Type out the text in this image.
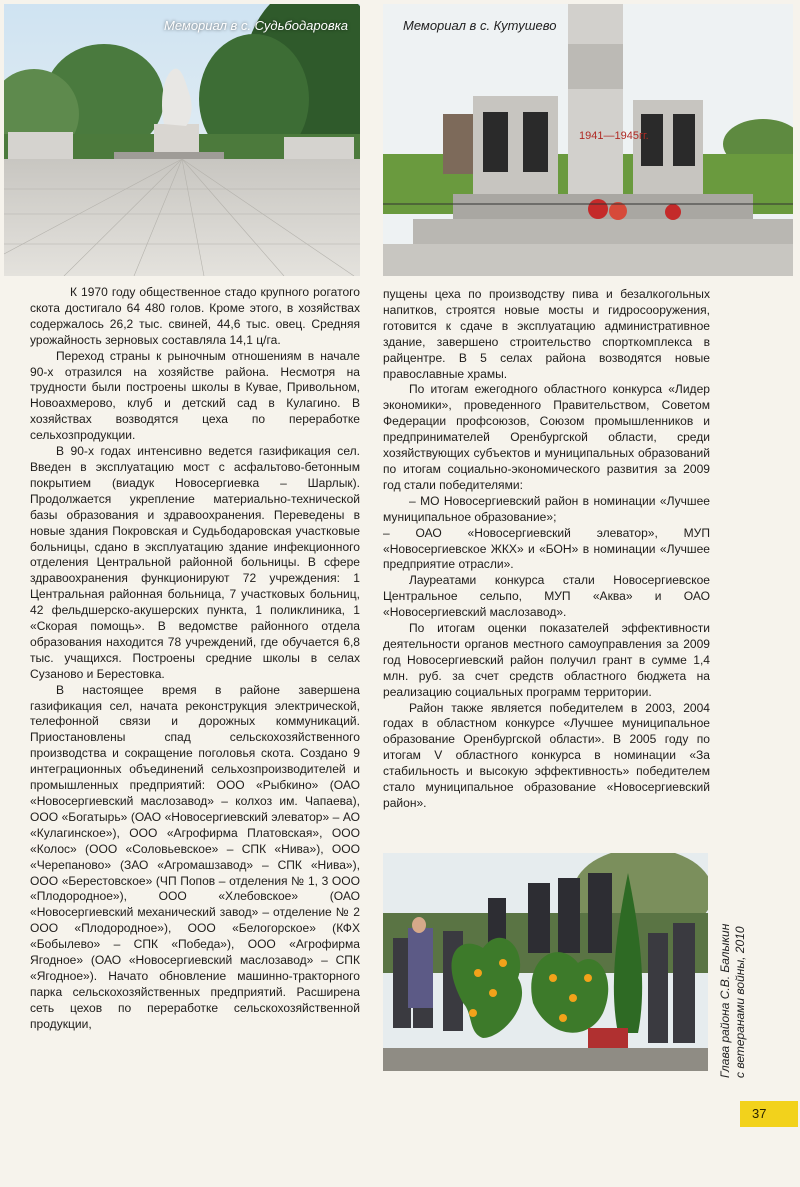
Мемориал в с. Судьбодаровка
1941—1945гг.
Мемориал в с. Кутушево

К 1970 году общественное стадо крупного рогатого скота достигало 64 480 голов. Кроме этого, в хозяйствах содержалось 26,2 тыс. свиней, 44,6 тыс. овец. Средняя урожайность зерновых составляла 14,1 ц/га.

Переход страны к рыночным отношениям в начале 90-х отразился на хозяйстве района. Несмотря на трудности были построены школы в Кувае, Привольном, Новоахмерово, клуб и детский сад в Кулагино. В хозяйствах возводятся цеха по переработке сельхозпродукции.

В 90-х годах интенсивно ведется газификация сел. Введен в эксплуатацию мост с асфальтово-бетонным покрытием (виадук Новосергиевка – Шарлык). Продолжается укрепление материально-технической базы образования и здравоохранения. Переведены в новые здания Покровская и Судьбодаровская участковые больницы, сдано в эксплуатацию здание инфекционного отделения Центральной районной больницы. В сфере здравоохранения функционируют 72 учреждения: 1 Центральная районная больница, 7 участковых больниц, 42 фельдшерско-акушерских пункта, 1 поликлиника, 1 «Скорая помощь». В ведомстве районного отдела образования находится 78 учреждений, где обучается 6,8 тыс. учащихся. Построены средние школы в селах Сузаново и Берестовка.

В настоящее время в районе завершена газификация сел, начата реконструкция электрической, телефонной связи и дорожных коммуникаций. Приостановлены спад сельскохозяйственного производства и сокращение поголовья скота. Создано 9 интеграционных объединений сельхозпроизводителей и промышленных предприятий: ООО «Рыбкино» (ОАО «Новосергиевский маслозавод» – колхоз им. Чапаева), ООО «Богатырь» (ОАО «Новосергиевский элеватор» – АО «Кулагинское»), ООО «Агрофирма Платовская», ООО «Колос» (ООО «Соловьевское» – СПК «Нива»), ООО «Черепаново» (ЗАО «Агромашзавод» – СПК «Нива»), ООО «Берестовское» (ЧП Попов – отделения № 1, 3 ООО «Плодородное»), ООО «Хлебовское» (ОАО «Новосергиевский механический завод» – отделение № 2 ООО «Плодородное»), ООО «Белогорское» (КФХ «Бобылево» – СПК «Победа»), ООО «Агрофирма Ягодное» (ОАО «Новосергиевский маслозавод» – СПК «Ягодное»). Начато обновление машинно-тракторного парка сельскохозяйственных предприятий. Расширена сеть цехов по переработке сельскохозяйственной продукции,

пущены цеха по производству пива и безалкогольных напитков, строятся новые мосты и гидросооружения, готовится к сдаче в эксплуатацию административное здание, завершено строительство спорткомплекса в райцентре. В 5 селах района возводятся новые православные храмы.

По итогам ежегодного областного конкурса «Лидер экономики», проведенного Правительством, Советом Федерации профсоюзов, Союзом промышленников и предпринимателей Оренбургской области, среди хозяйствующих субъектов и муниципальных образований по итогам социально-экономического развития за 2009 год стали победителями:

– МО Новосергиевский район в номинации «Лучшее муниципальное образование»;

– ОАО «Новосергиевский элеватор», МУП «Новосергиевское ЖКХ» и «БОН» в номинации «Лучшее предприятие отрасли».

Лауреатами конкурса стали Новосергиевское Центральное сельпо, МУП «Аква» и ОАО «Новосергиевский маслозавод».

По итогам оценки показателей эффективности деятельности органов местного самоуправления за 2009 год Новосергиевский район получил грант в сумме 1,4 млн. руб. за счет средств областного бюджета на реализацию социальных программ территории.

Район также является победителем в 2003, 2004 годах в областном конкурсе «Лучшее муниципальное образование Оренбургской области». В 2005 году по итогам V областного конкурса в номинации «За стабильность и высокую эффективность» победителем стало муниципальное образование «Новосергиевский район».

Глава района С.В. Балыкин с ветеранами войны, 2010
37
